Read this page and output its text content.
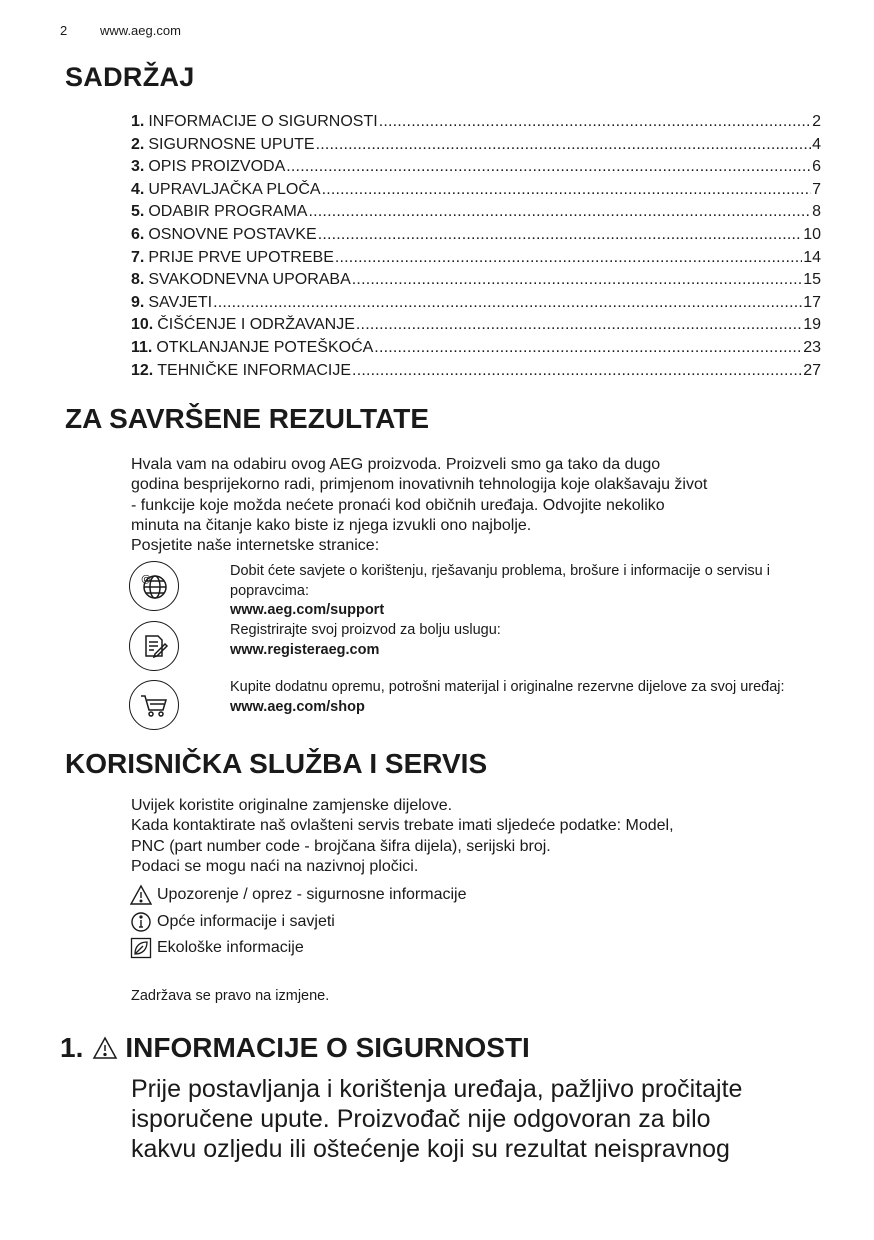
2	www.aeg.com
SADRŽAJ
1. INFORMACIJE O SIGURNOSTI .....	2
2. SIGURNOSNE UPUTE .....	4
3. OPIS PROIZVODA .....	6
4. UPRAVLJAČKA PLOČA .....	7
5. ODABIR PROGRAMA .....	8
6. OSNOVNE POSTAVKE .....	10
7. PRIJE PRVE UPOTREBE .....	14
8. SVAKODNEVNA UPORABA .....	15
9. SAVJETI .....	17
10. ČIŠĆENJE I ODRŽAVANJE .....	19
11. OTKLANJANJE POTEŠKOĆA .....	23
12. TEHNIČKE INFORMACIJE .....	27
ZA SAVRŠENE REZULTATE
Hvala vam na odabiru ovog AEG proizvoda. Proizveli smo ga tako da dugo
godina besprijekorno radi, primjenom inovativnih tehnologija koje olakšavaju život
- funkcije koje možda nećete pronaći kod običnih uređaja. Odvojite nekoliko
minuta na čitanje kako biste iz njega izvukli ono najbolje.
Posjetite naše internetske stranice:
@
Dobit ćete savjete o korištenju, rješavanju problema, brošure i informacije o servisu i popravcima:
www.aeg.com/support
Registrirajte svoj proizvod za bolju uslugu:
www.registeraeg.com
Kupite dodatnu opremu, potrošni materijal i originalne rezervne dijelove za svoj uređaj:
www.aeg.com/shop
KORISNIČKA SLUŽBA I SERVIS
Uvijek koristite originalne zamjenske dijelove.
Kada kontaktirate naš ovlašteni servis trebate imati sljedeće podatke: Model,
PNC (part number code - brojčana šifra dijela), serijski broj.
Podaci se mogu naći na nazivnoj pločici.
Upozorenje / oprez - sigurnosne informacije
Opće informacije i savjeti
Ekološke informacije
Zadržava se pravo na izmjene.
1. INFORMACIJE O SIGURNOSTI
Prije postavljanja i korištenja uređaja, pažljivo pročitajte
isporučene upute. Proizvođač nije odgovoran za bilo
kakvu ozljedu ili oštećenje koji su rezultat neispravnog
